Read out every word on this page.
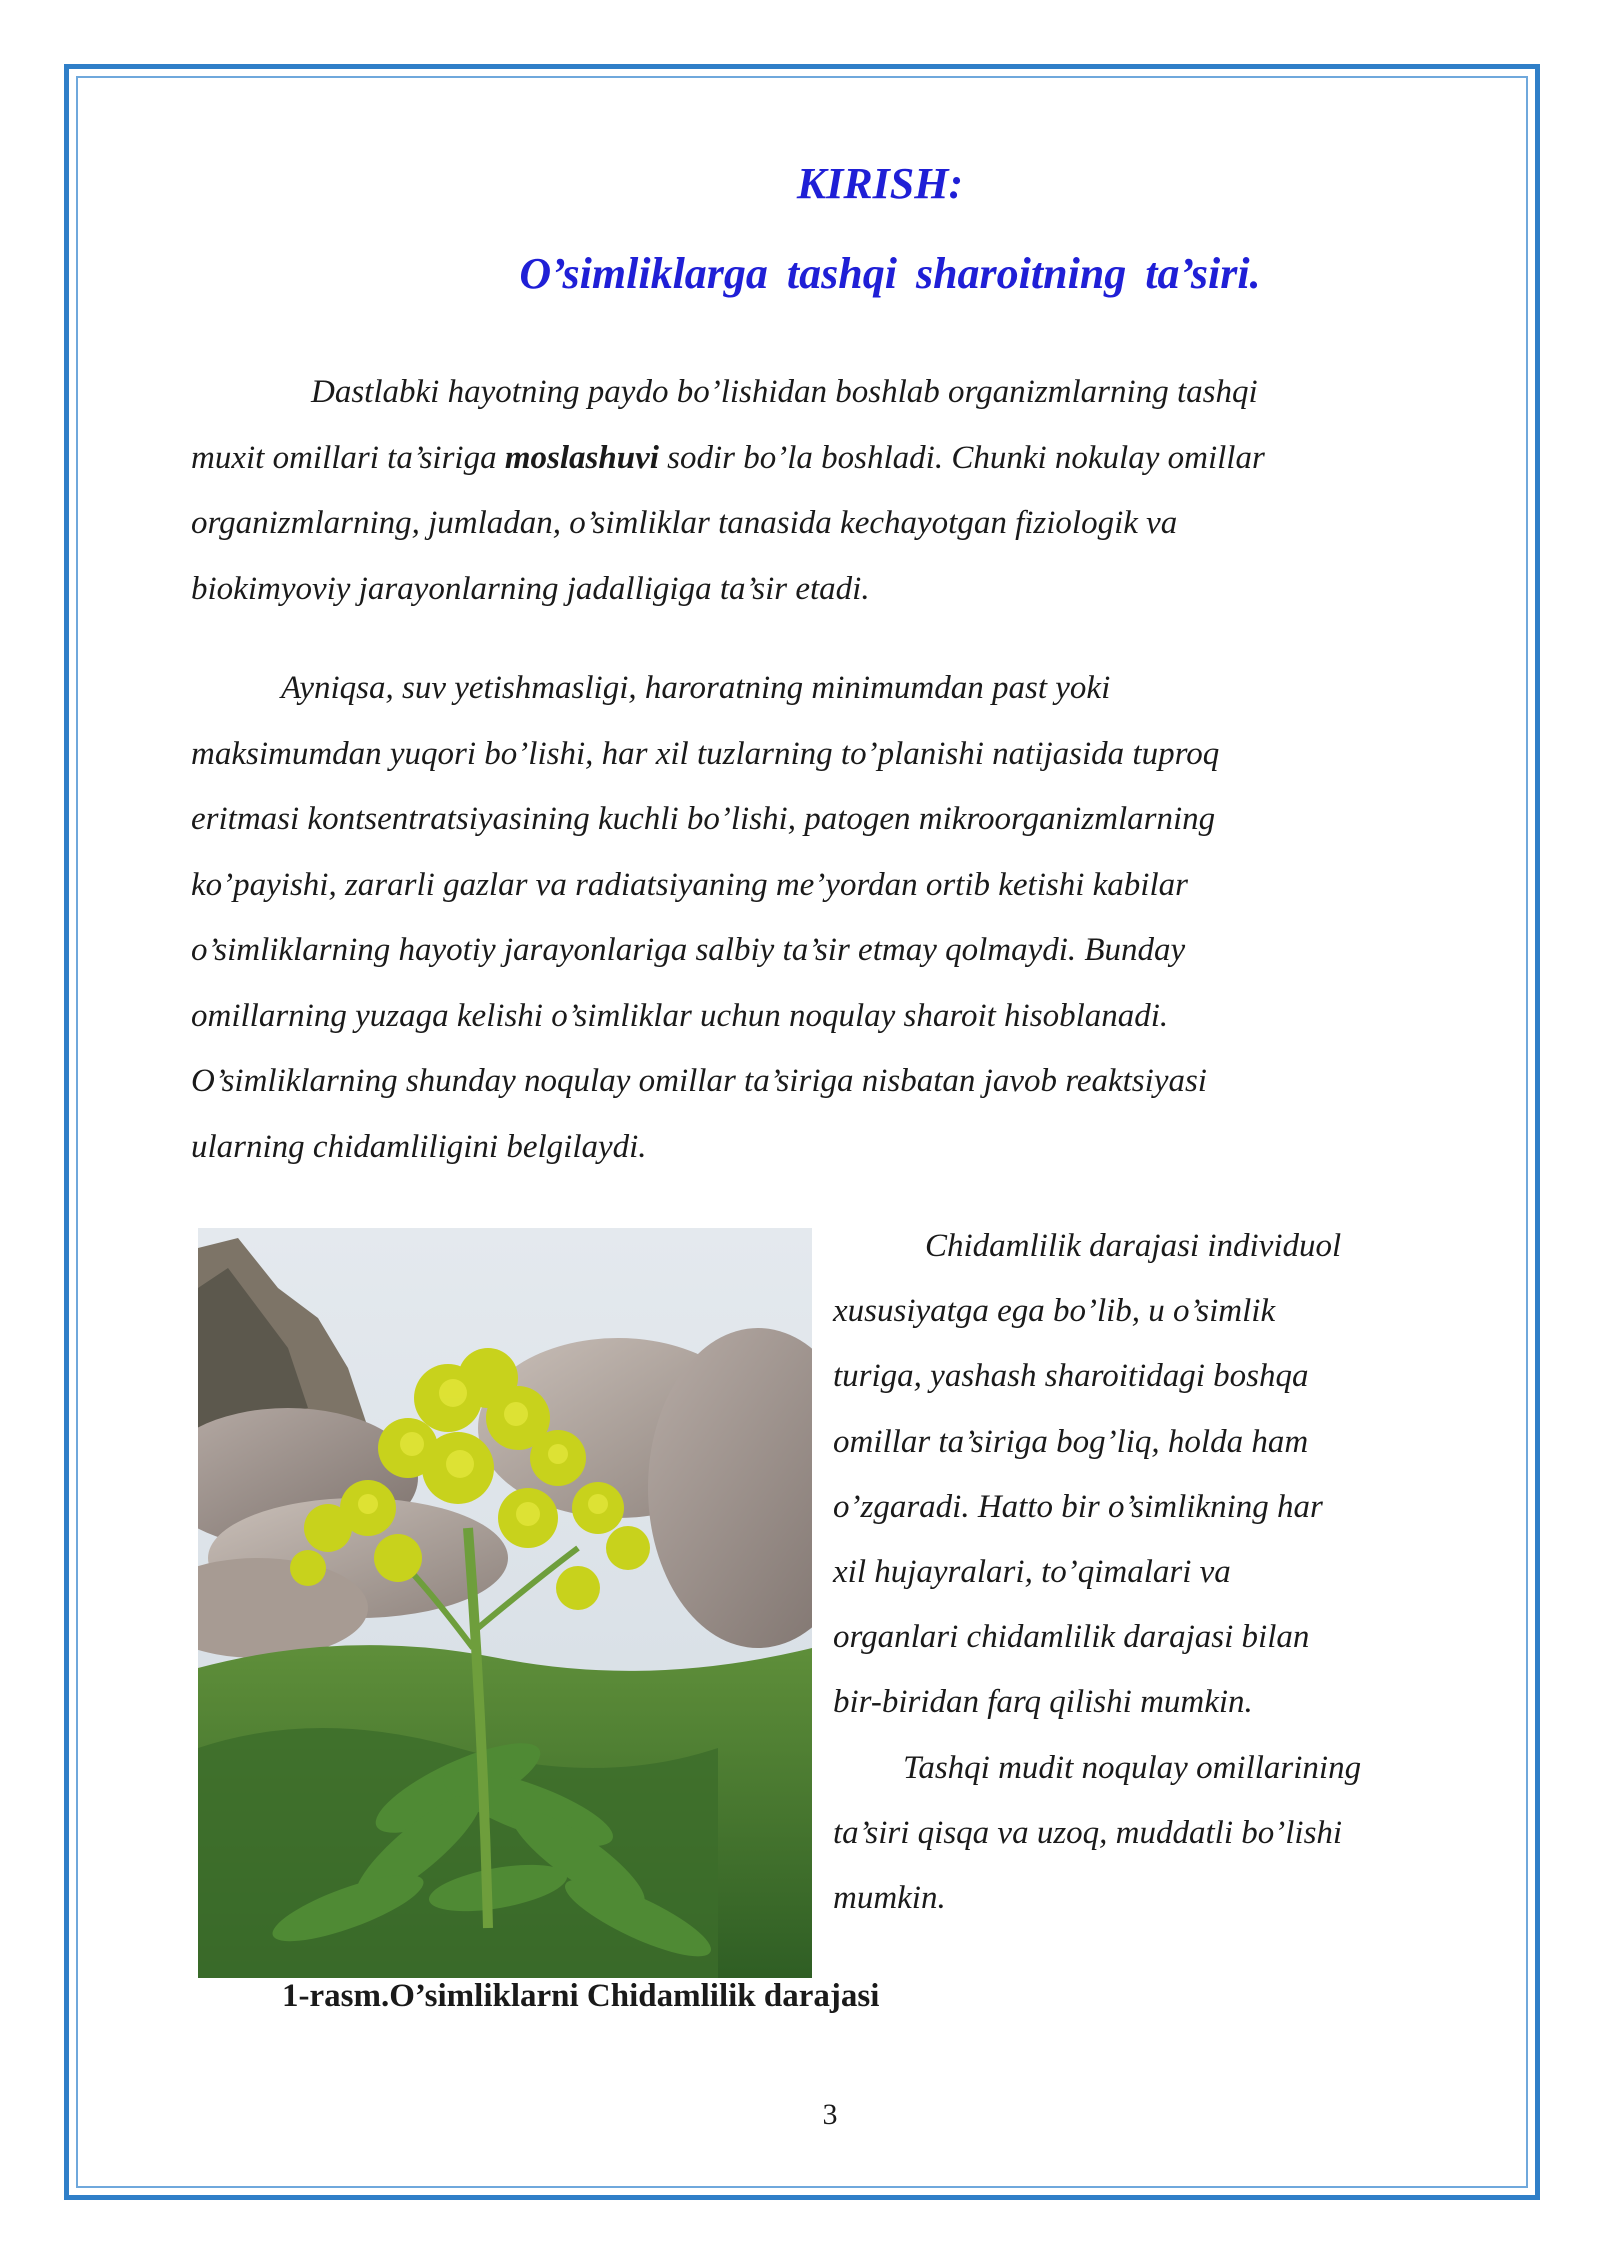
KIRISH:
O’simliklarga tashqi sharoitning ta’siri.
Dastlabki hayotning paydo bo’lishidan boshlab organizmlarning tashqi
muxit omillari ta’siriga moslashuvi sodir bo’la boshladi. Chunki nokulay omillar
organizmlarning, jumladan, o’simliklar tanasida kechayotgan fiziologik va
biokimyoviy jarayonlarning jadalligiga ta’sir etadi.
Ayniqsa, suv yetishmasligi, haroratning minimumdan past yoki
maksimumdan yuqori bo’lishi, har xil tuzlarning to’planishi natijasida tuproq
eritmasi kontsentratsiyasining kuchli bo’lishi, patogen mikroorganizmlarning
ko’payishi, zararli gazlar va radiatsiyaning me’yordan ortib ketishi kabilar
o’simliklarning hayotiy jarayonlariga salbiy ta’sir etmay qolmaydi. Bunday
omillarning yuzaga kelishi o’simliklar uchun noqulay sharoit hisoblanadi.
O’simliklarning shunday noqulay omillar ta’siriga nisbatan javob reaktsiyasi
ularning chidamliligini belgilaydi.
Chidamlilik darajasi individuol
xususiyatga ega bo’lib, u o’simlik
turiga, yashash sharoitidagi boshqa
omillar ta’siriga bog’liq, holda ham
o’zgaradi. Hatto bir o’simlikning har
xil hujayralari, to’qimalari va
organlari chidamlilik darajasi bilan
bir-biridan farq qilishi mumkin.
Tashqi mudit noqulay omillarining
ta’siri qisqa va uzoq, muddatli bo’lishi
mumkin.

1-rasm.O’simliklarni Chidamlilik darajasi

3
